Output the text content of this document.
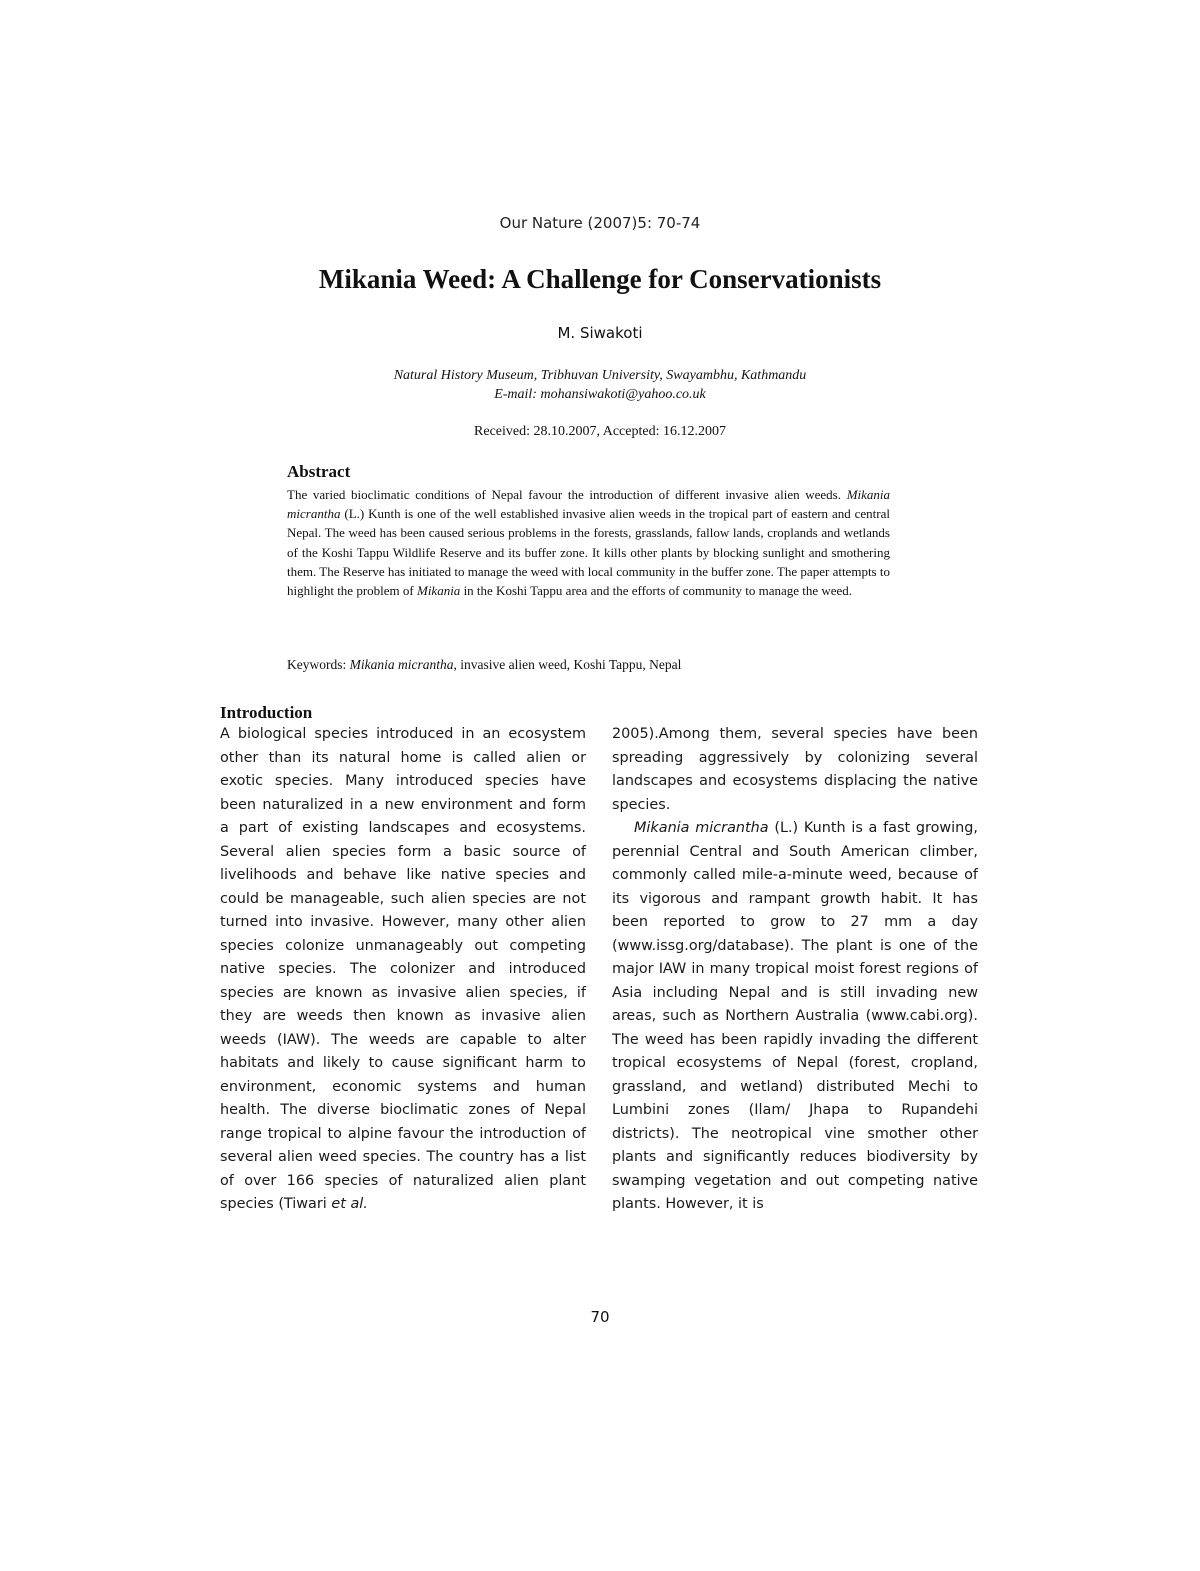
Our Nature (2007)5: 70-74
Mikania Weed: A Challenge for Conservationists
M. Siwakoti
Natural History Museum, Tribhuvan University, Swayambhu, Kathmandu
E-mail: mohansiwakoti@yahoo.co.uk
Received: 28.10.2007, Accepted: 16.12.2007
Abstract
The varied bioclimatic conditions of Nepal favour the introduction of different invasive alien weeds. Mikania micrantha (L.) Kunth is one of the well established invasive alien weeds in the tropical part of eastern and central Nepal. The weed has been caused serious problems in the forests, grasslands, fallow lands, croplands and wetlands of the Koshi Tappu Wildlife Reserve and its buffer zone. It kills other plants by blocking sunlight and smothering them. The Reserve has initiated to manage the weed with local community in the buffer zone. The paper attempts to highlight the problem of Mikania in the Koshi Tappu area and the efforts of community to manage the weed.
Keywords: Mikania micrantha, invasive alien weed, Koshi Tappu, Nepal
Introduction

A biological species introduced in an ecosystem other than its natural home is called alien or exotic species. Many introduced species have been naturalized in a new environment and form a part of existing landscapes and ecosystems. Several alien species form a basic source of livelihoods and behave like native species and could be manageable, such alien species are not turned into invasive. However, many other alien species colonize unmanageably out competing native species. The colonizer and introduced species are known as invasive alien species, if they are weeds then known as invasive alien weeds (IAW). The weeds are capable to alter habitats and likely to cause significant harm to environment, economic systems and human health. The diverse bioclimatic zones of Nepal range tropical to alpine favour the introduction of several alien weed species. The country has a list of over 166 species of naturalized alien plant species (Tiwari et al.

2005).Among them, several species have been spreading aggressively by colonizing several landscapes and ecosystems displacing the native species.

Mikania micrantha (L.) Kunth is a fast growing, perennial Central and South American climber, commonly called mile-a-minute weed, because of its vigorous and rampant growth habit. It has been reported to grow to 27 mm a day (www.issg.org/database). The plant is one of the major IAW in many tropical moist forest regions of Asia including Nepal and is still invading new areas, such as Northern Australia (www.cabi.org). The weed has been rapidly invading the different tropical ecosystems of Nepal (forest, cropland, grassland, and wetland) distributed Mechi to Lumbini zones (Ilam/ Jhapa to Rupandehi districts). The neotropical vine smother other plants and significantly reduces biodiversity by swamping vegetation and out competing native plants. However, it is

70
